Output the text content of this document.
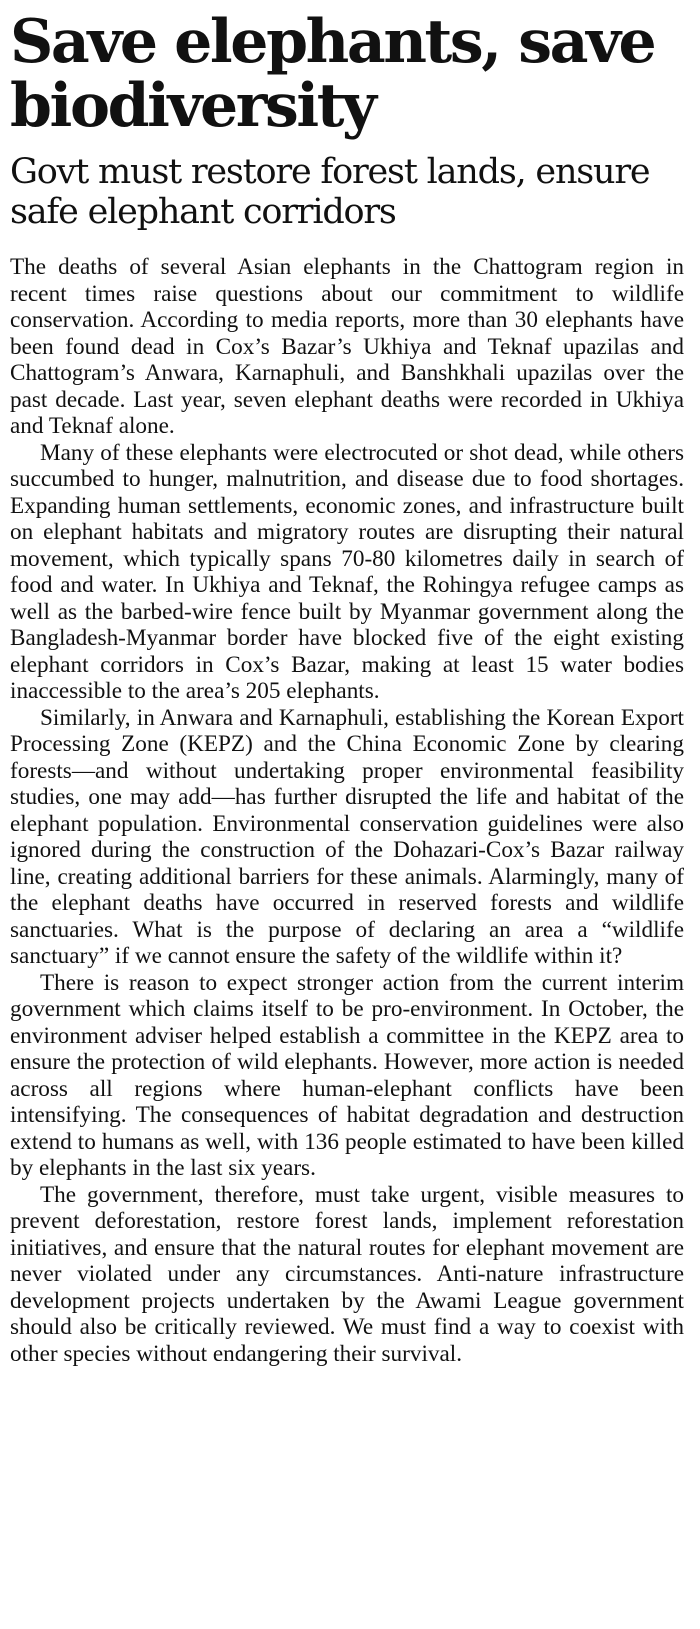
Save elephants, save biodiversity
Govt must restore forest lands, ensure safe elephant corridors

The deaths of several Asian elephants in the Chattogram region in recent times raise questions about our commitment to wildlife conservation. According to media reports, more than 30 elephants have been found dead in Cox’s Bazar’s Ukhiya and Teknaf upazilas and Chattogram’s Anwara, Karnaphuli, and Banshkhali upazilas over the past decade. Last year, seven elephant deaths were recorded in Ukhiya and Teknaf alone.

Many of these elephants were electrocuted or shot dead, while others succumbed to hunger, malnutrition, and disease due to food shortages. Expanding human settlements, economic zones, and infrastructure built on elephant habitats and migratory routes are disrupting their natural movement, which typically spans 70-80 kilometres daily in search of food and water. In Ukhiya and Teknaf, the Rohingya refugee camps as well as the barbed-wire fence built by Myanmar government along the Bangladesh-Myanmar border have blocked five of the eight existing elephant corridors in Cox’s Bazar, making at least 15 water bodies inaccessible to the area’s 205 elephants.

Similarly, in Anwara and Karnaphuli, establishing the Korean Export Processing Zone (KEPZ) and the China Economic Zone by clearing forests—and without undertaking proper environmental feasibility studies, one may add—has further disrupted the life and habitat of the elephant population. Environmental conservation guidelines were also ignored during the construction of the Dohazari-Cox’s Bazar railway line, creating additional barriers for these animals. Alarmingly, many of the elephant deaths have occurred in reserved forests and wildlife sanctuaries. What is the purpose of declaring an area a “wildlife sanctuary” if we cannot ensure the safety of the wildlife within it?

There is reason to expect stronger action from the current interim government which claims itself to be pro-environment. In October, the environment adviser helped establish a committee in the KEPZ area to ensure the protection of wild elephants. However, more action is needed across all regions where human-elephant conflicts have been intensifying. The consequences of habitat degradation and destruction extend to humans as well, with 136 people estimated to have been killed by elephants in the last six years.

The government, therefore, must take urgent, visible measures to prevent deforestation, restore forest lands, implement reforestation initiatives, and ensure that the natural routes for elephant movement are never violated under any circumstances. Anti-nature infrastructure development projects undertaken by the Awami League government should also be critically reviewed. We must find a way to coexist with other species without endangering their survival.
